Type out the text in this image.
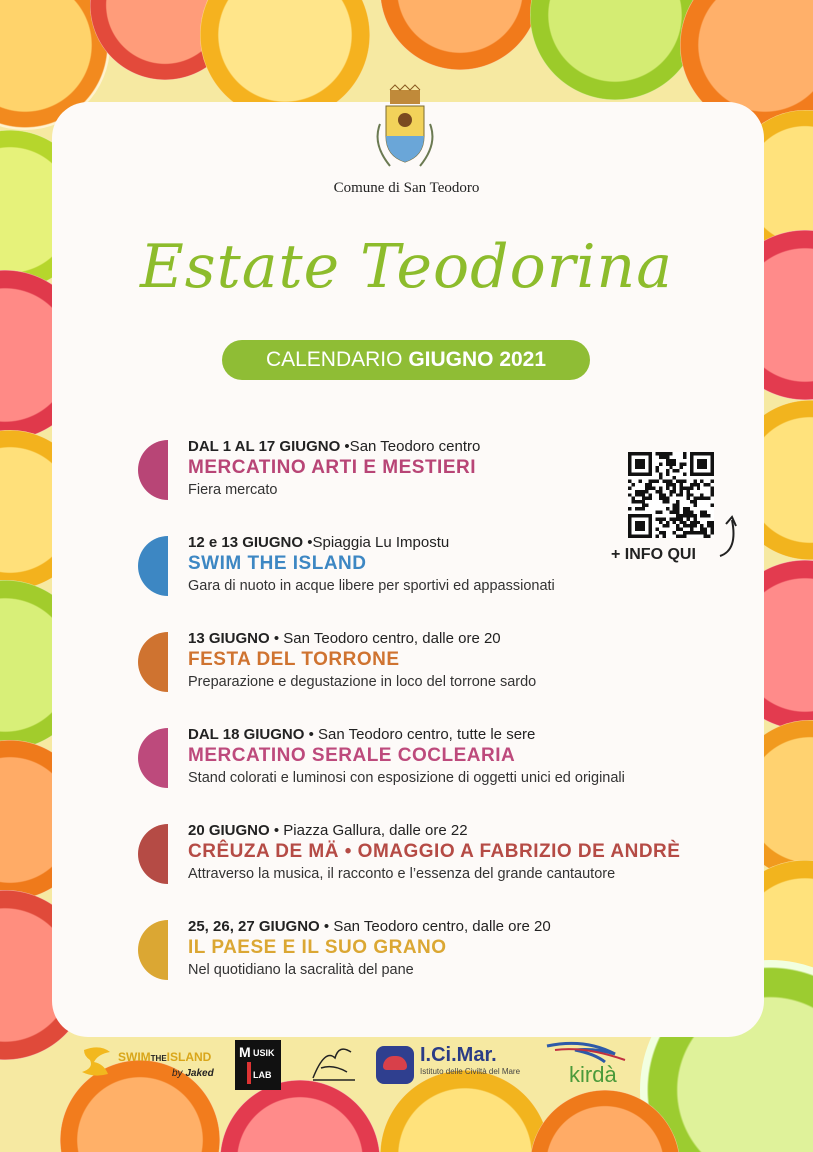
Comune di San Teodoro
Estate Teodorina
CALENDARIO GIUGNO 2021
DAL 1 AL 17 GIUGNO •San Teodoro centro
MERCATINO ARTI E MESTIERI
Fiera mercato
12 e 13 GIUGNO •Spiaggia Lu Impostu
SWIM THE ISLAND
Gara di nuoto in acque libere per sportivi ed appassionati
13 GIUGNO • San Teodoro centro, dalle ore 20
FESTA DEL TORRONE
Preparazione e degustazione in loco del torrone sardo
DAL 18 GIUGNO • San Teodoro centro, tutte le sere
MERCATINO SERALE COCLEARIA
Stand colorati e luminosi con esposizione di oggetti unici ed originali
20 GIUGNO • Piazza Gallura, dalle ore 22
CRÊUZA DE MÄ • OMAGGIO A FABRIZIO DE ANDRÈ
Attraverso la musica, il racconto e l’essenza del grande cantautore
25, 26, 27 GIUGNO • San Teodoro centro, dalle ore 20
IL PAESE E IL SUO GRANO
Nel quotidiano la sacralità del pane
+ INFO QUI
SWIMTHEISLAND
by Jaked
M USIK
LAB
I.Ci.Mar.
Istituto delle Civiltà del Mare kirdà
